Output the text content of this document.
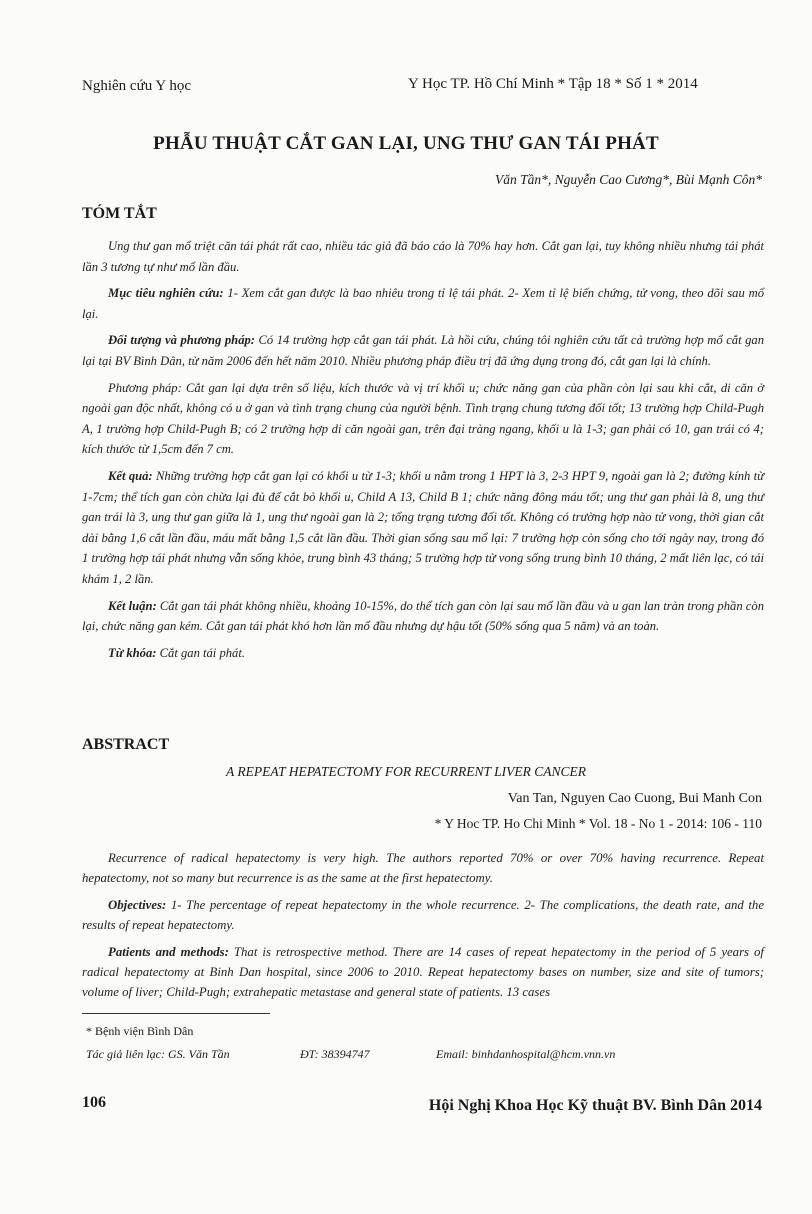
Nghiên cứu Y học	Y Học TP. Hồ Chí Minh * Tập 18 * Số 1 * 2014
PHẪU THUẬT CẮT GAN LẠI, UNG THƯ GAN TÁI PHÁT
Văn Tần*, Nguyễn Cao Cương*, Bùi Mạnh Côn*
TÓM TẮT

Ung thư gan mổ triệt căn tái phát rất cao, nhiều tác giả đã báo cáo là 70% hay hơn. Cắt gan lại, tuy không nhiều nhưng tái phát lần 3 tương tự như mổ lần đầu.

Mục tiêu nghiên cứu: 1- Xem cắt gan được là bao nhiêu trong tỉ lệ tái phát. 2- Xem tỉ lệ biến chứng, tử vong, theo dõi sau mổ lại.

Đối tượng và phương pháp: Có 14 trường hợp cắt gan tái phát. Là hồi cứu, chúng tôi nghiên cứu tất cả trường hợp mổ cắt gan lại tại BV Bình Dân, từ năm 2006 đến hết năm 2010. Nhiều phương pháp điều trị đã ứng dụng trong đó, cắt gan lại là chính.

Phương pháp: Cắt gan lại dựa trên số liệu, kích thước và vị trí khối u; chức năng gan của phần còn lại sau khi cắt, di căn ở ngoài gan độc nhất, không có u ở gan và tình trạng chung của người bệnh. Tình trạng chung tương đối tốt; 13 trường hợp Child-Pugh A, 1 trường hợp Child-Pugh B; có 2 trường hợp di căn ngoài gan, trên đại tràng ngang, khối u là 1-3; gan phải có 10, gan trái có 4; kích thước từ 1,5cm đến 7 cm.

Kết quả: Những trường hợp cắt gan lại có khối u từ 1-3; khối u nằm trong 1 HPT là 3, 2-3 HPT 9, ngoài gan là 2; đường kính từ 1-7cm; thể tích gan còn chừa lại đủ để cắt bỏ khối u, Child A 13, Child B 1; chức năng đông máu tốt; ung thư gan phải là 8, ung thư gan trái là 3, ung thư gan giữa là 1, ung thư ngoài gan là 2; tổng trạng tương đối tốt. Không có trường hợp nào tử vong, thời gian cắt dài bằng 1,6 cắt lần đầu, máu mất bằng 1,5 cắt lần đầu. Thời gian sống sau mổ lại: 7 trường hợp còn sống cho tới ngày nay, trong đó 1 trường hợp tái phát nhưng vẫn sống khỏe, trung bình 43 tháng; 5 trường hợp tử vong sống trung bình 10 tháng, 2 mất liên lạc, có tái khám 1, 2 lần.

Kết luận: Cắt gan tái phát không nhiều, khoảng 10-15%, do thể tích gan còn lại sau mổ lần đầu và u gan lan tràn trong phần còn lại, chức năng gan kém. Cắt gan tái phát khó hơn lần mổ đầu nhưng dự hậu tốt (50% sống qua 5 năm) và an toàn.

Từ khóa: Cắt gan tái phát.

ABSTRACT
A REPEAT HEPATECTOMY FOR RECURRENT LIVER CANCER
Van Tan, Nguyen Cao Cuong, Bui Manh Con
* Y Hoc TP. Ho Chi Minh * Vol. 18 - No 1 - 2014: 106 - 110

Recurrence of radical hepatectomy is very high. The authors reported 70% or over 70% having recurrence. Repeat hepatectomy, not so many but recurrence is as the same at the first hepatectomy.

Objectives: 1- The percentage of repeat hepatectomy in the whole recurrence. 2- The complications, the death rate, and the results of repeat hepatectomy.

Patients and methods: That is retrospective method. There are 14 cases of repeat hepatectomy in the period of 5 years of radical hepatectomy at Binh Dan hospital, since 2006 to 2010. Repeat hepatectomy bases on number, size and site of tumors; volume of liver; Child-Pugh; extrahepatic metastase and general state of patients. 13 cases

* Bệnh viện Bình Dân
Tác giả liên lạc: GS. Văn Tần	ĐT: 38394747	Email: binhdanhospital@hcm.vnn.vn
106	Hội Nghị Khoa Học Kỹ thuật BV. Bình Dân 2014
